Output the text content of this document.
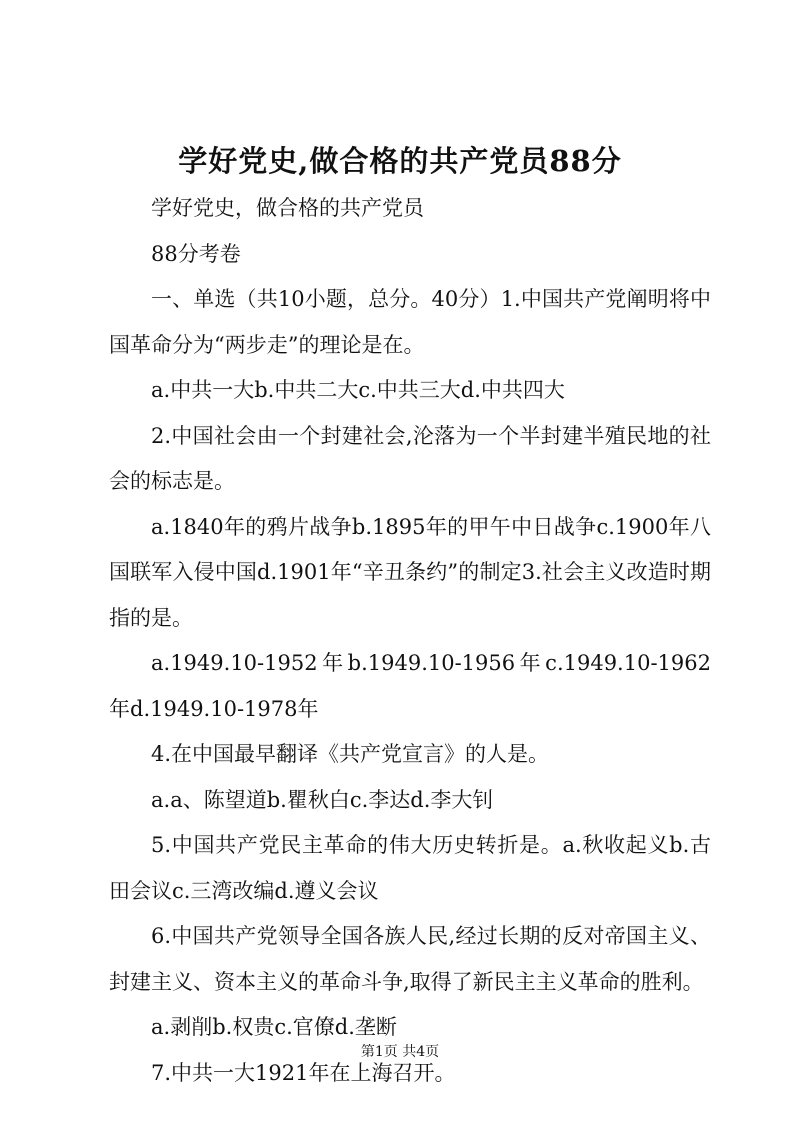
学好党史,做合格的共产党员88分

学好党史，做合格的共产党员

88分考卷

一、单选（共10小题，总分。40分）1.中国共产党阐明将中国革命分为“两步走”的理论是在。

a.中共一大b.中共二大c.中共三大d.中共四大

2.中国社会由一个封建社会,沦落为一个半封建半殖民地的社会的标志是。

a.1840年的鸦片战争b.1895年的甲午中日战争c.1900年八国联军入侵中国d.1901年“辛丑条约”的制定3.社会主义改造时期指的是。

a.1949.10-1952年b.1949.10-1956年c.1949.10-1962年d.1949.10-1978年

4.在中国最早翻译《共产党宣言》的人是。

a.a、陈望道b.瞿秋白c.李达d.李大钊

5.中国共产党民主革命的伟大历史转折是。a.秋收起义b.古田会议c.三湾改编d.遵义会议

6.中国共产党领导全国各族人民,经过长期的反对帝国主义、封建主义、资本主义的革命斗争,取得了新民主主义革命的胜利。

a.剥削b.权贵c.官僚d.垄断

7.中共一大1921年在上海召开。

第1页 共4页
